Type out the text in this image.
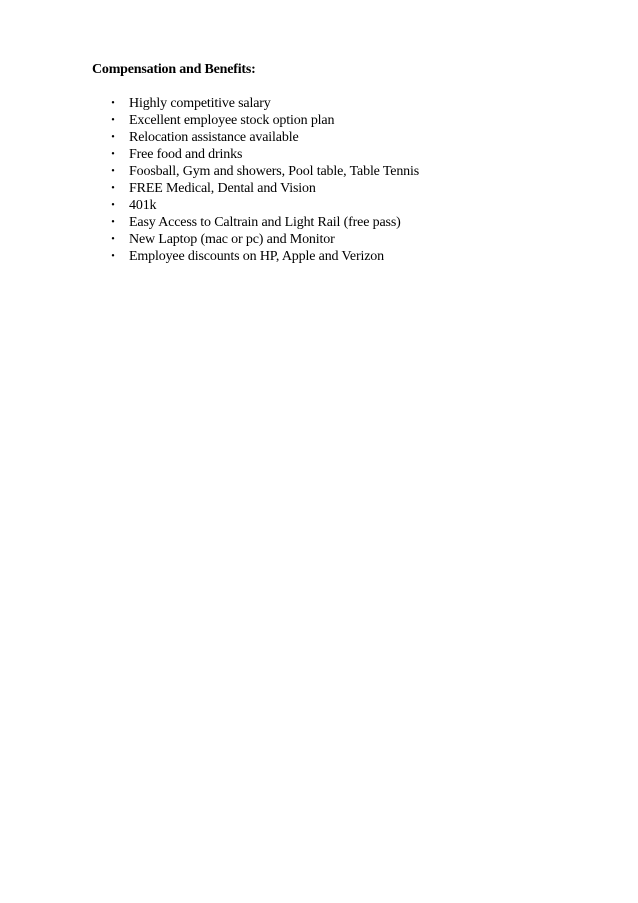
Compensation and Benefits:
• Highly competitive salary
• Excellent employee stock option plan
• Relocation assistance available
• Free food and drinks
• Foosball, Gym and showers, Pool table, Table Tennis
• FREE Medical, Dental and Vision
• 401k
• Easy Access to Caltrain and Light Rail (free pass)
• New Laptop (mac or pc) and Monitor
• Employee discounts on HP, Apple and Verizon
